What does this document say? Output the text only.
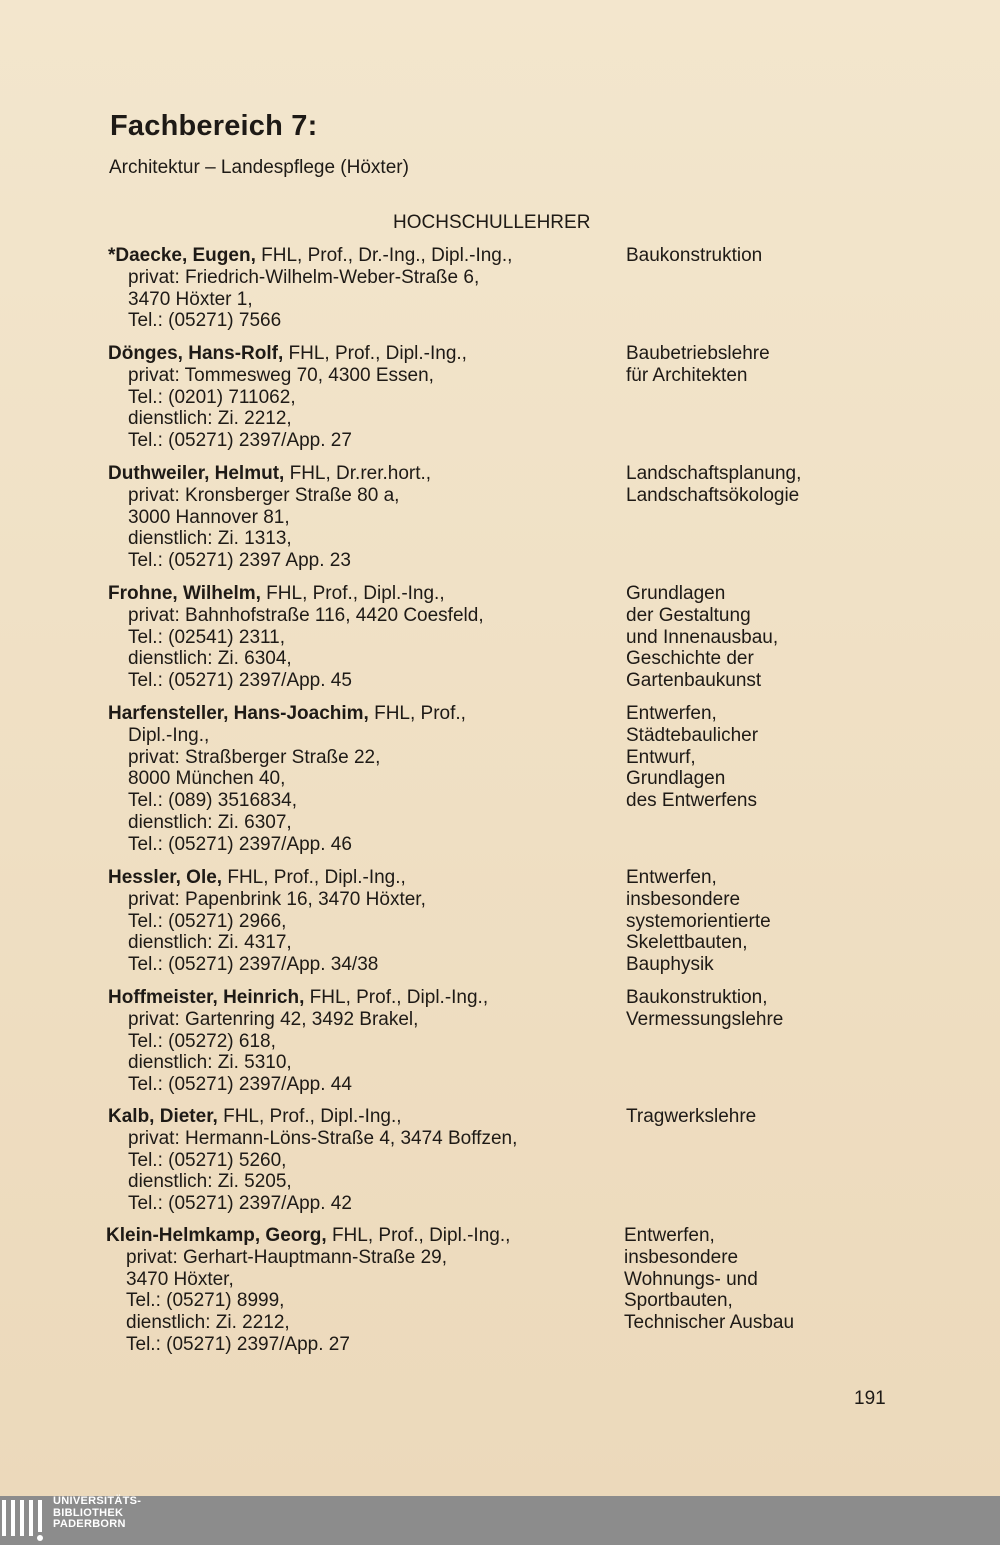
Fachbereich 7:
Architektur – Landespflege (Höxter)
HOCHSCHULLEHRER
*Daecke, Eugen, FHL, Prof., Dr.-Ing., Dipl.-Ing.,
privat: Friedrich-Wilhelm-Weber-Straße 6,
3470 Höxter 1,
Tel.: (05271) 7566
Baukonstruktion
Dönges, Hans-Rolf, FHL, Prof., Dipl.-Ing.,
privat: Tommesweg 70, 4300 Essen,
Tel.: (0201) 711062,
dienstlich: Zi. 2212,
Tel.: (05271) 2397/App. 27
Baubetriebslehre
für Architekten
Duthweiler, Helmut, FHL, Dr.rer.hort.,
privat: Kronsberger Straße 80 a,
3000 Hannover 81,
dienstlich: Zi. 1313,
Tel.: (05271) 2397 App. 23
Landschaftsplanung,
Landschaftsökologie
Frohne, Wilhelm, FHL, Prof., Dipl.-Ing.,
privat: Bahnhofstraße 116, 4420 Coesfeld,
Tel.: (02541) 2311,
dienstlich: Zi. 6304,
Tel.: (05271) 2397/App. 45
Grundlagen
der Gestaltung
und Innenausbau,
Geschichte der
Gartenbaukunst
Harfensteller, Hans-Joachim, FHL, Prof.,
Dipl.-Ing.,
privat: Straßberger Straße 22,
8000 München 40,
Tel.: (089) 3516834,
dienstlich: Zi. 6307,
Tel.: (05271) 2397/App. 46
Entwerfen,
Städtebaulicher
Entwurf,
Grundlagen
des Entwerfens
Hessler, Ole, FHL, Prof., Dipl.-Ing.,
privat: Papenbrink 16, 3470 Höxter,
Tel.: (05271) 2966,
dienstlich: Zi. 4317,
Tel.: (05271) 2397/App. 34/38
Entwerfen,
insbesondere
systemorientierte
Skelettbauten,
Bauphysik
Hoffmeister, Heinrich, FHL, Prof., Dipl.-Ing.,
privat: Gartenring 42, 3492 Brakel,
Tel.: (05272) 618,
dienstlich: Zi. 5310,
Tel.: (05271) 2397/App. 44
Baukonstruktion,
Vermessungslehre
Kalb, Dieter, FHL, Prof., Dipl.-Ing.,
privat: Hermann-Löns-Straße 4, 3474 Boffzen,
Tel.: (05271) 5260,
dienstlich: Zi. 5205,
Tel.: (05271) 2397/App. 42
Tragwerkslehre
Klein-Helmkamp, Georg, FHL, Prof., Dipl.-Ing.,
privat: Gerhart-Hauptmann-Straße 29,
3470 Höxter,
Tel.: (05271) 8999,
dienstlich: Zi. 2212,
Tel.: (05271) 2397/App. 27
Entwerfen,
insbesondere
Wohnungs- und
Sportbauten,
Technischer Ausbau
191
UNIVERSITÄTS-
BIBLIOTHEK
PADERBORN
